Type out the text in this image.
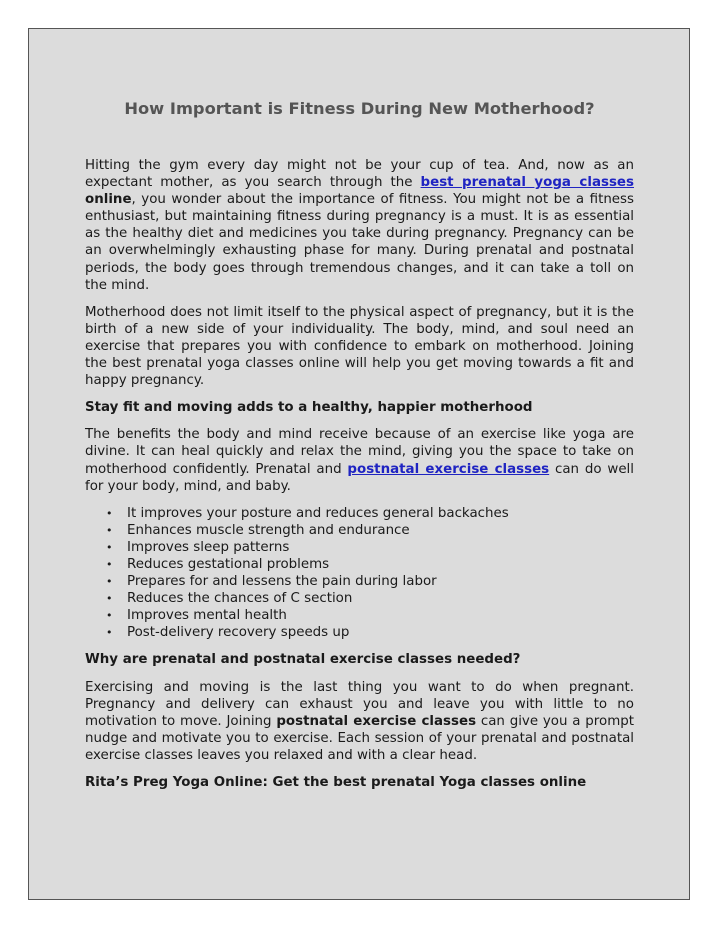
How Important is Fitness During New Motherhood?

Hitting the gym every day might not be your cup of tea. And, now as an expectant mother, as you search through the best prenatal yoga classes online, you wonder about the importance of fitness. You might not be a fitness enthusiast, but maintaining fitness during pregnancy is a must. It is as essential as the healthy diet and medicines you take during pregnancy. Pregnancy can be an overwhelmingly exhausting phase for many. During prenatal and postnatal periods, the body goes through tremendous changes, and it can take a toll on the mind.

Motherhood does not limit itself to the physical aspect of pregnancy, but it is the birth of a new side of your individuality. The body, mind, and soul need an exercise that prepares you with confidence to embark on motherhood. Joining the best prenatal yoga classes online will help you get moving towards a fit and happy pregnancy.

Stay fit and moving adds to a healthy, happier motherhood

The benefits the body and mind receive because of an exercise like yoga are divine. It can heal quickly and relax the mind, giving you the space to take on motherhood confidently. Prenatal and postnatal exercise classes can do well for your body, mind, and baby.

• It improves your posture and reduces general backaches
• Enhances muscle strength and endurance
• Improves sleep patterns
• Reduces gestational problems
• Prepares for and lessens the pain during labor
• Reduces the chances of C section
• Improves mental health
• Post-delivery recovery speeds up

Why are prenatal and postnatal exercise classes needed?

Exercising and moving is the last thing you want to do when pregnant. Pregnancy and delivery can exhaust you and leave you with little to no motivation to move. Joining postnatal exercise classes can give you a prompt nudge and motivate you to exercise. Each session of your prenatal and postnatal exercise classes leaves you relaxed and with a clear head.

Rita’s Preg Yoga Online: Get the best prenatal Yoga classes online
